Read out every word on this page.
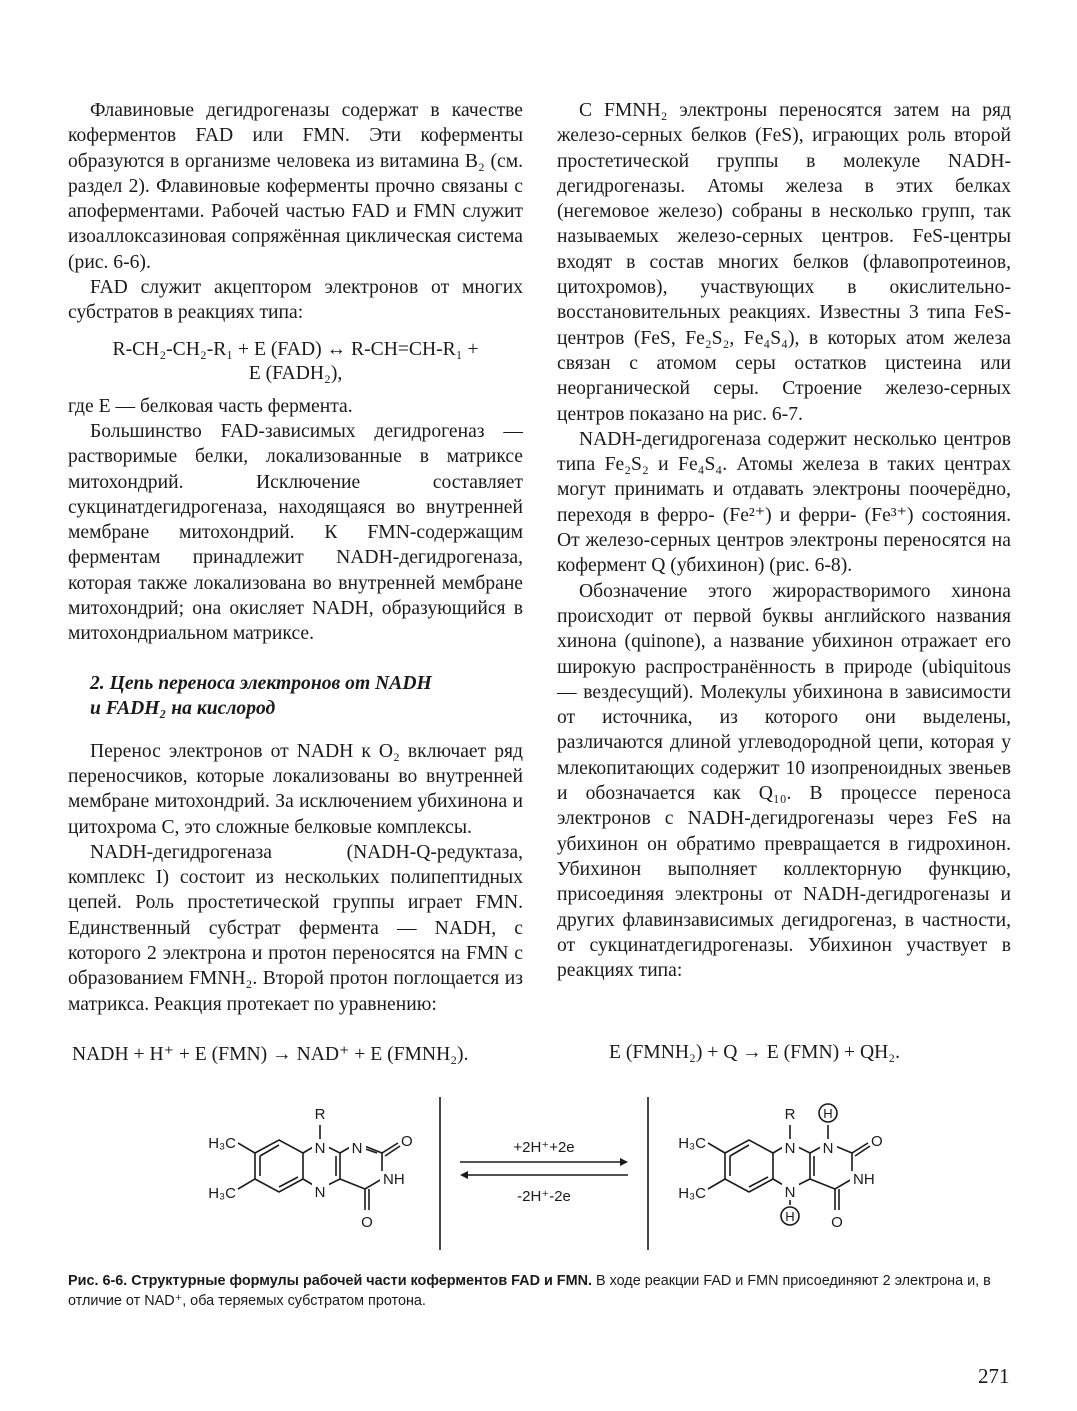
Флавиновые дегидрогеназы содержат в качестве коферментов FAD или FMN. Эти коферменты образуются в организме человека из витамина B₂ (см. раздел 2). Флавиновые коферменты прочно связаны с апоферментами. Рабочей частью FAD и FMN служит изоаллоксазиновая сопряжённая циклическая система (рис. 6-6).

FAD служит акцептором электронов от многих субстратов в реакциях типа:

R-CH₂-CH₂-R₁ + E (FAD) ↔ R-CH=CH-R₁ +
E (FADH₂),

где E — белковая часть фермента.

Большинство FAD-зависимых дегидрогеназ — растворимые белки, локализованные в матриксе митохондрий. Исключение составляет сукцинатдегидрогеназа, находящаяся во внутренней мембране митохондрий. К FMN-содержащим ферментам принадлежит NADH-дегидрогеназа, которая также локализована во внутренней мембране митохондрий; она окисляет NADH, образующийся в митохондриальном матриксе.

2. Цепь переноса электронов от NADH
и FADH₂ на кислород

Перенос электронов от NADH к O₂ включает ряд переносчиков, которые локализованы во внутренней мембране митохондрий. За исключением убихинона и цитохрома C, это сложные белковые комплексы.

NADH-дегидрогеназа (NADH-Q-редуктаза, комплекс I) состоит из нескольких полипептидных цепей. Роль простетической группы играет FMN. Единственный субстрат фермента — NADH, с которого 2 электрона и протон переносятся на FMN с образованием FMNH₂. Второй протон поглощается из матрикса. Реакция протекает по уравнению:

С FMNH₂ электроны переносятся затем на ряд железо-серных белков (FeS), играющих роль второй простетической группы в молекуле NADH-дегидрогеназы. Атомы железа в этих белках (негемовое железо) собраны в несколько групп, так называемых железо-серных центров. FeS-центры входят в состав многих белков (флавопротеинов, цитохромов), участвующих в окислительно-восстановительных реакциях. Известны 3 типа FeS-центров (FeS, Fe₂S₂, Fe₄S₄), в которых атом железа связан с атомом серы остатков цистеина или неорганической серы. Строение железо-серных центров показано на рис. 6-7.

NADH-дегидрогеназа содержит несколько центров типа Fe₂S₂ и Fe₄S₄. Атомы железа в таких центрах могут принимать и отдавать электроны поочерёдно, переходя в ферро- (Fe²⁺) и ферри- (Fe³⁺) состояния. От железо-серных центров электроны переносятся на кофермент Q (убихинон) (рис. 6-8).

Обозначение этого жирорастворимого хинона происходит от первой буквы английского названия хинона (quinone), а название убихинон отражает его широкую распространённость в природе (ubiquitous — вездесущий). Молекулы убихинона в зависимости от источника, из которого они выделены, различаются длиной углеводородной цепи, которая у млекопитающих содержит 10 изопреноидных звеньев и обозначается как Q₁₀. В процессе переноса электронов с NADH-дегидрогеназы через FeS на убихинон он обратимо превращается в гидрохинон. Убихинон выполняет коллекторную функцию, присоединяя электроны от NADH-дегидрогеназы и других флавинзависимых дегидрогеназ, в частности, от сукцинатдегидрогеназы. Убихинон участвует в реакциях типа:

NADH + H⁺ + E (FMN) → NAD⁺ + E (FMNH₂).	E (FMNH₂) + Q → E (FMN) + QH₂.
R
N N
N
NH
O
O
H₃C
H₃C
+2H⁺+2e
-2H⁺-2e
R H
N N
N
H
NH
O
O
H₃C
H₃C
Рис. 6-6. Структурные формулы рабочей части коферментов FAD и FMN. В ходе реакции FAD и FMN присоединяют 2 электрона и, в отличие от NAD⁺, оба теряемых субстратом протона.
271
